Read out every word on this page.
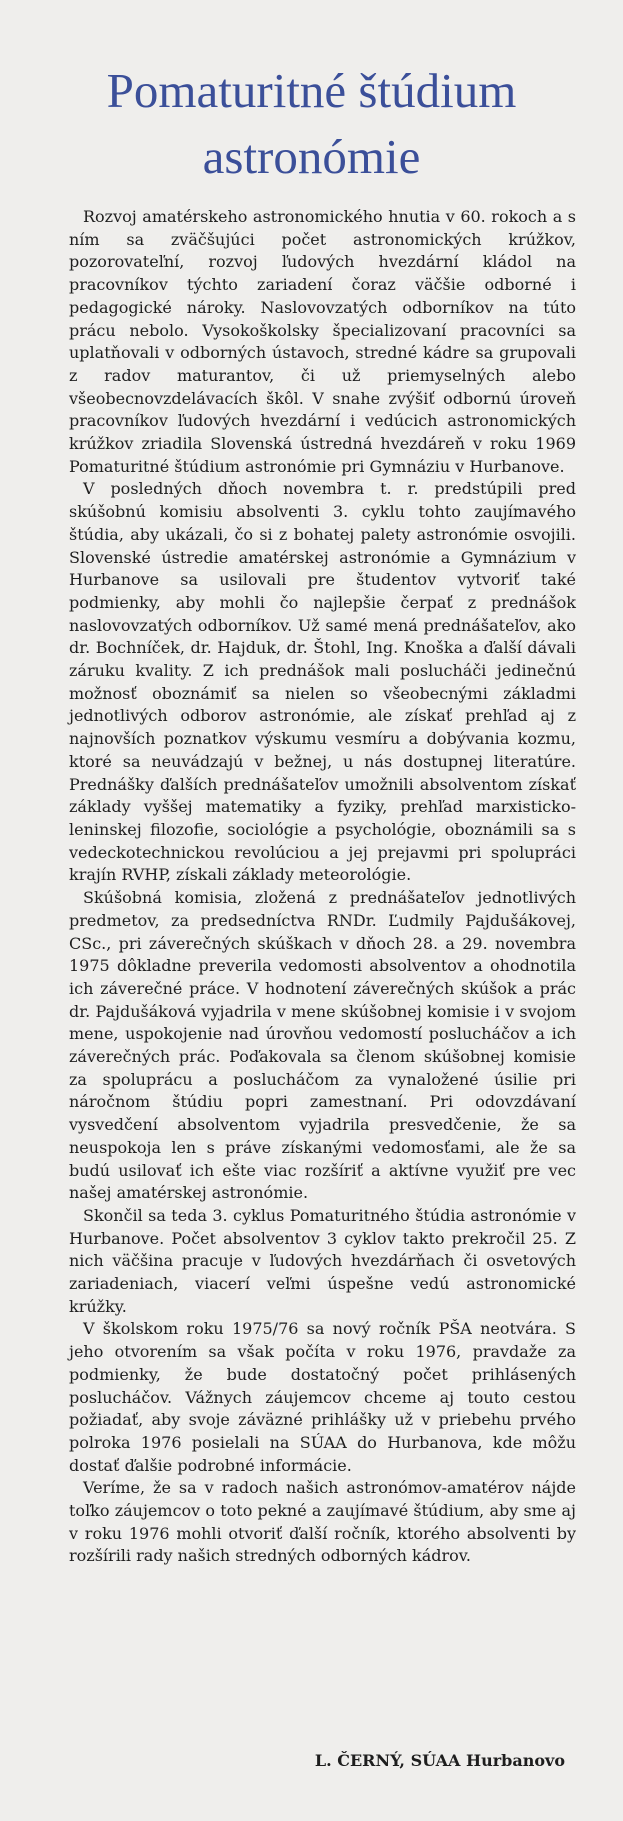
Pomaturitné štúdium
astronómie

Rozvoj amatérskeho astronomického hnutia v 60. rokoch a s ním sa zväčšujúci počet astronomických krúžkov, pozorovateľní, rozvoj ľudových hvezdární kládol na pracovníkov týchto zariadení čoraz väčšie odborné i pedagogické nároky. Naslovovzatých odborníkov na túto prácu nebolo. Vysokoškolsky špecializovaní pracovníci sa uplatňovali v odborných ústavoch, stredné kádre sa grupovali z radov maturantov, či už priemyselných alebo všeobecnovzdelávacích škôl. V snahe zvýšiť odbornú úroveň pracovníkov ľudových hvezdární i vedúcich astronomických krúžkov zriadila Slovenská ústredná hvezdáreň v roku 1969 Pomaturitné štúdium astronómie pri Gymnáziu v Hurbanove.

V posledných dňoch novembra t. r. predstúpili pred skúšobnú komisiu absolventi 3. cyklu tohto zaujímavého štúdia, aby ukázali, čo si z bohatej palety astronómie osvojili. Slovenské ústredie amatérskej astronómie a Gymnázium v Hurbanove sa usilovali pre študentov vytvoriť také podmienky, aby mohli čo najlepšie čerpať z prednášok naslovovzatých odborníkov. Už samé mená prednášateľov, ako dr. Bochníček, dr. Hajduk, dr. Štohl, Ing. Knoška a ďalší dávali záruku kvality. Z ich prednášok mali poslucháči jedinečnú možnosť oboznámiť sa nielen so všeobecnými základmi jednotlivých odborov astronómie, ale získať prehľad aj z najnovších poznatkov výskumu vesmíru a dobývania kozmu, ktoré sa neuvádzajú v bežnej, u nás dostupnej literatúre. Prednášky ďalších prednášateľov umožnili absolventom získať základy vyššej matematiky a fyziky, prehľad marxisticko-leninskej filozofie, sociológie a psychológie, oboznámili sa s vedeckotechnickou revolúciou a jej prejavmi pri spolupráci krajín RVHP, získali základy meteorológie.

Skúšobná komisia, zložená z prednášateľov jednotlivých predmetov, za predsedníctva RNDr. Ľudmily Pajdušákovej, CSc., pri záverečných skúškach v dňoch 28. a 29. novembra 1975 dôkladne preverila vedomosti absolventov a ohodnotila ich záverečné práce. V hodnotení záverečných skúšok a prác dr. Pajdušáková vyjadrila v mene skúšobnej komisie i v svojom mene, uspokojenie nad úrovňou vedomostí poslucháčov a ich záverečných prác. Poďakovala sa členom skúšobnej komisie za spoluprácu a poslucháčom za vynaložené úsilie pri náročnom štúdiu popri zamestnaní. Pri odovzdávaní vysvedčení absolventom vyjadrila presvedčenie, že sa neuspokoja len s práve získanými vedomosťami, ale že sa budú usilovať ich ešte viac rozšíriť a aktívne využiť pre vec našej amatérskej astronómie.

Skončil sa teda 3. cyklus Pomaturitného štúdia astronómie v Hurbanove. Počet absolventov 3 cyklov takto prekročil 25. Z nich väčšina pracuje v ľudových hvezdárňach či osvetových zariadeniach, viacerí veľmi úspešne vedú astronomické krúžky.

V školskom roku 1975/76 sa nový ročník PŠA neotvára. S jeho otvorením sa však počíta v roku 1976, pravdaže za podmienky, že bude dostatočný počet prihlásených poslucháčov. Vážnych záujemcov chceme aj touto cestou požiadať, aby svoje záväzné prihlášky už v priebehu prvého polroka 1976 posielali na SÚAA do Hurbanova, kde môžu dostať ďalšie podrobné informácie.

Veríme, že sa v radoch našich astronómov-amatérov nájde toľko záujemcov o toto pekné a zaujímavé štúdium, aby sme aj v roku 1976 mohli otvoriť ďalší ročník, ktorého absolventi by rozšírili rady našich stredných odborných kádrov.

L. ČERNÝ, SÚAA Hurbanovo
